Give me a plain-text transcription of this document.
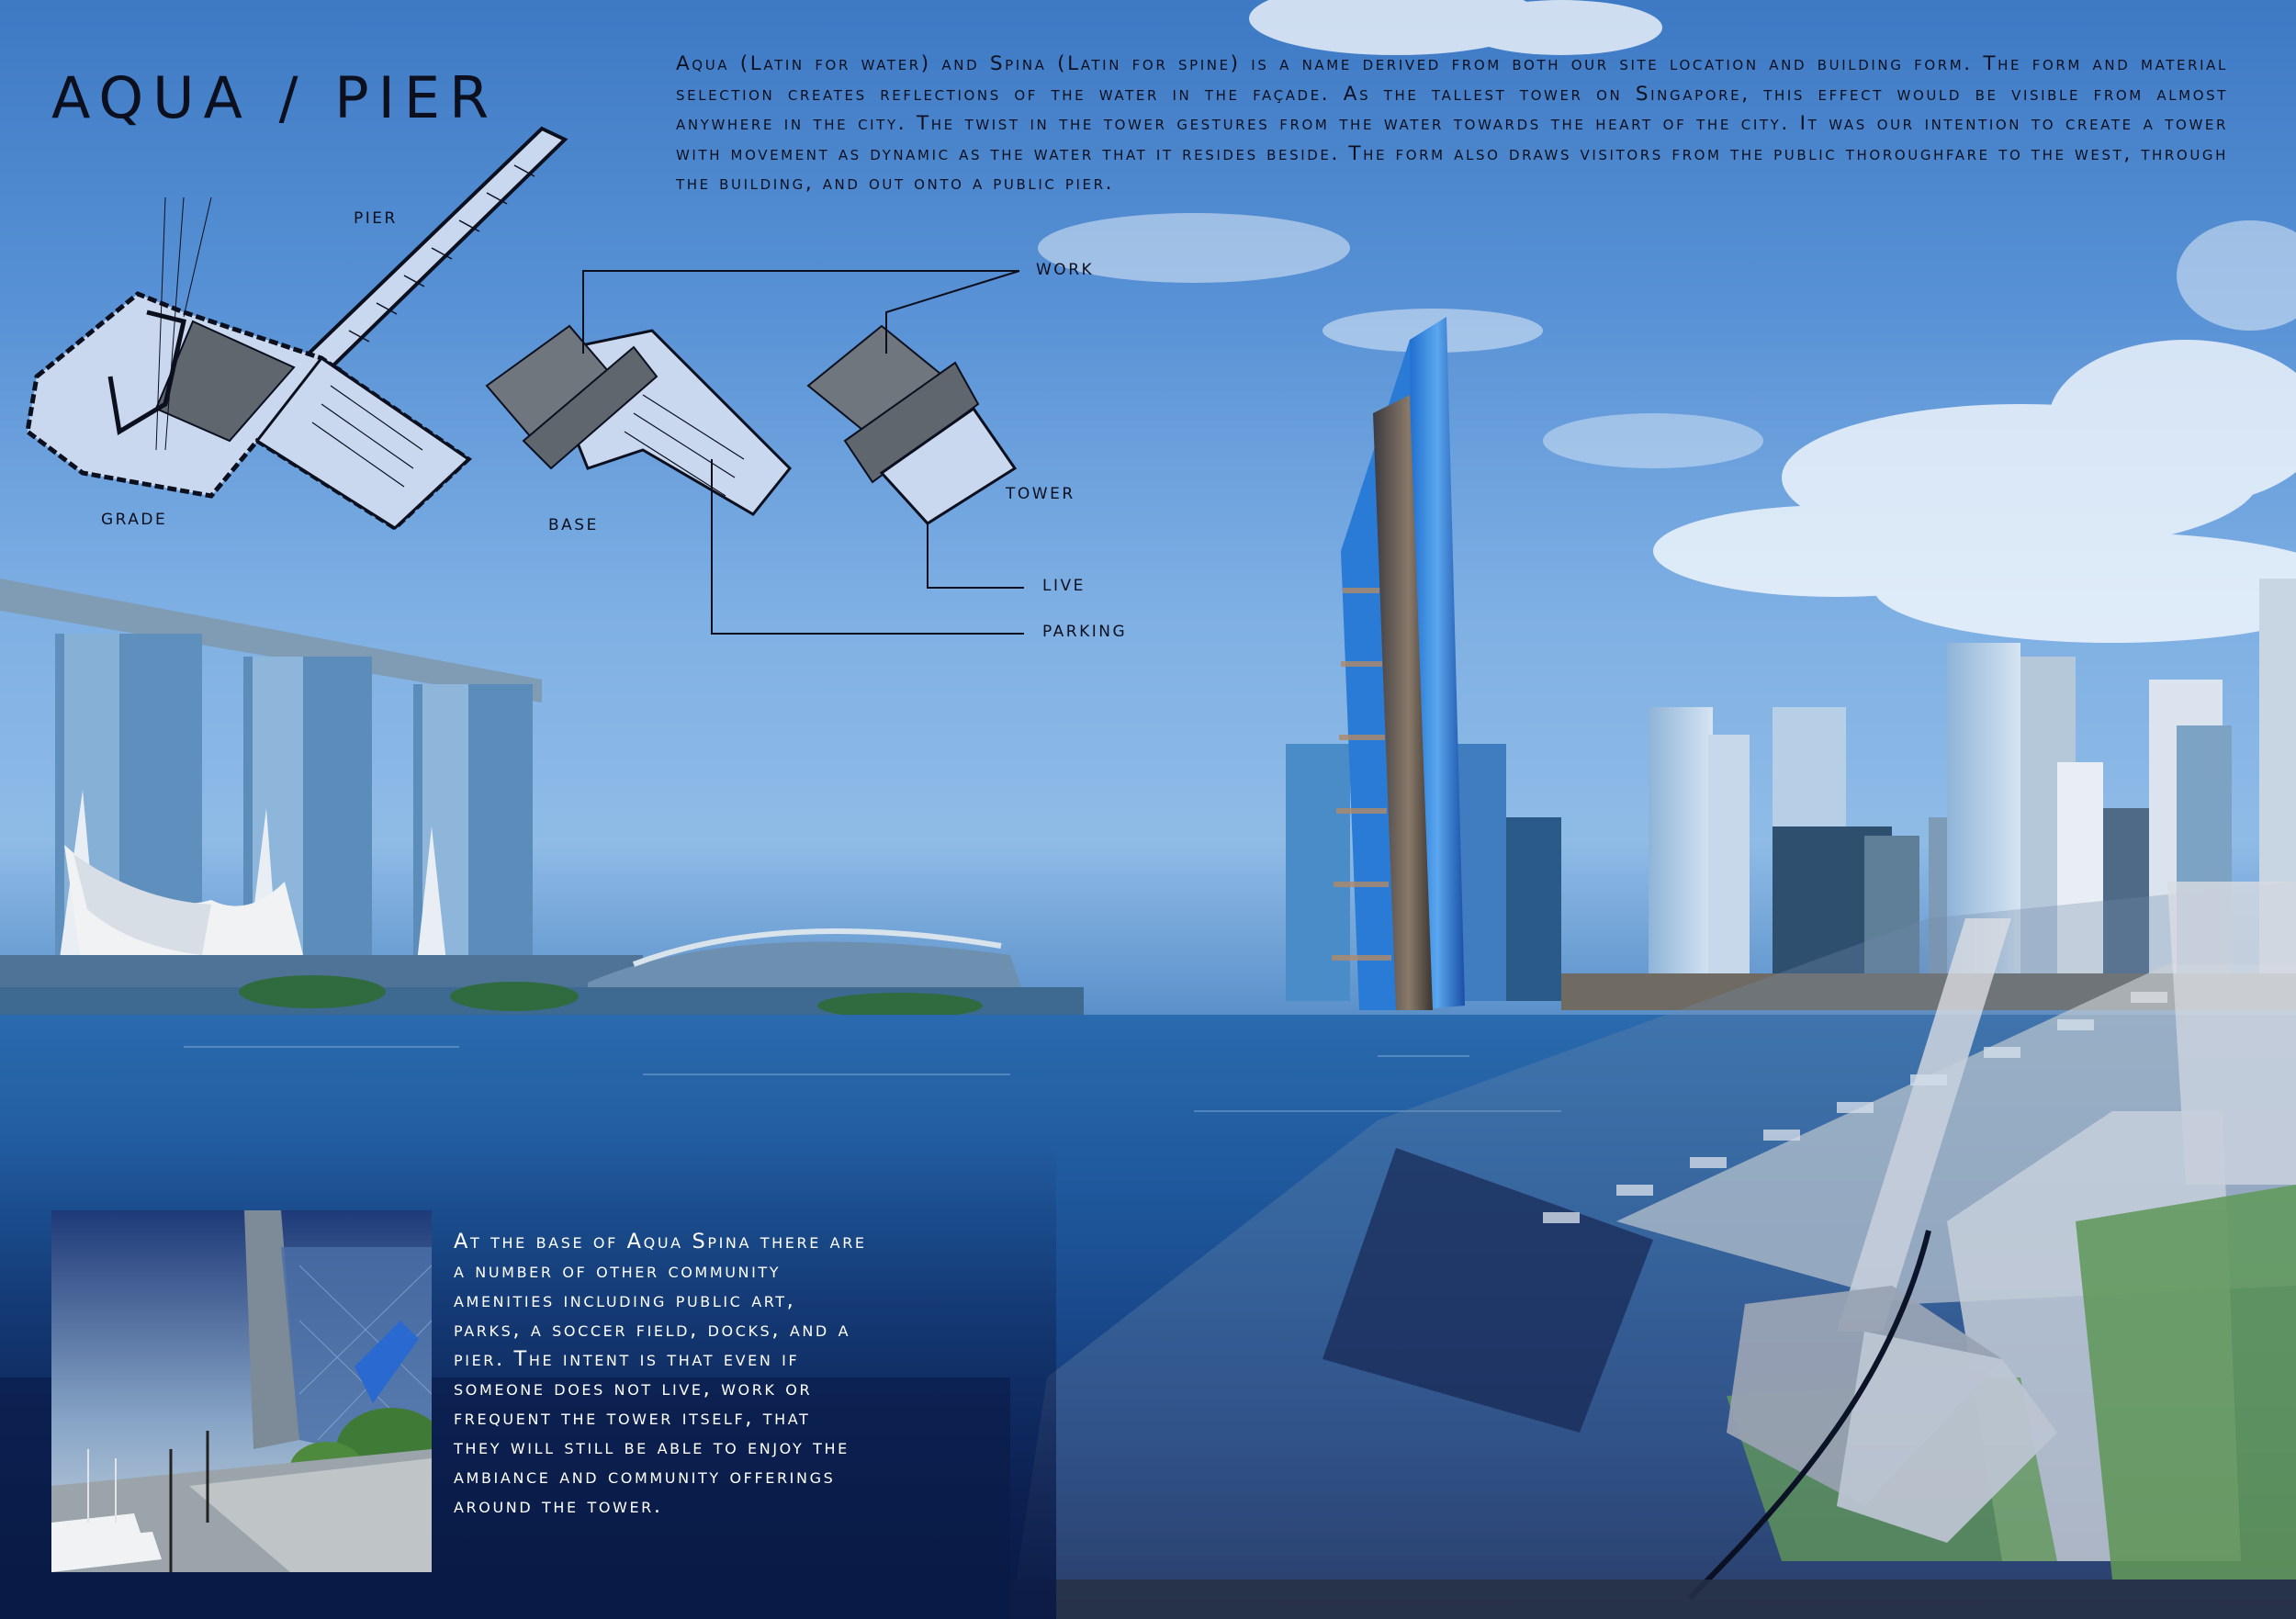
AQUA / PIER
Aqua (Latin for water) and Spina (Latin for spine) is a name derived from both our site location and building form. The form and material selection creates reflections of the water in the façade. As the tallest tower on Singapore, this effect would be visible from almost anywhere in the city. The twist in the tower gestures from the water towards the heart of the city. It was our intention to create a tower with movement as dynamic as the water that it resides beside. The form also draws visitors from the public thoroughfare to the west, through the building, and out onto a public pier.
PIER
GRADE	BASE
WORK
TOWER
LIVE
PARKING
At the base of Aqua Spina there are a number of other community amenities including public art, parks, a soccer field, docks, and a pier. The intent is that even if someone does not live, work or frequent the tower itself, that they will still be able to enjoy the ambiance and community offerings around the tower.
